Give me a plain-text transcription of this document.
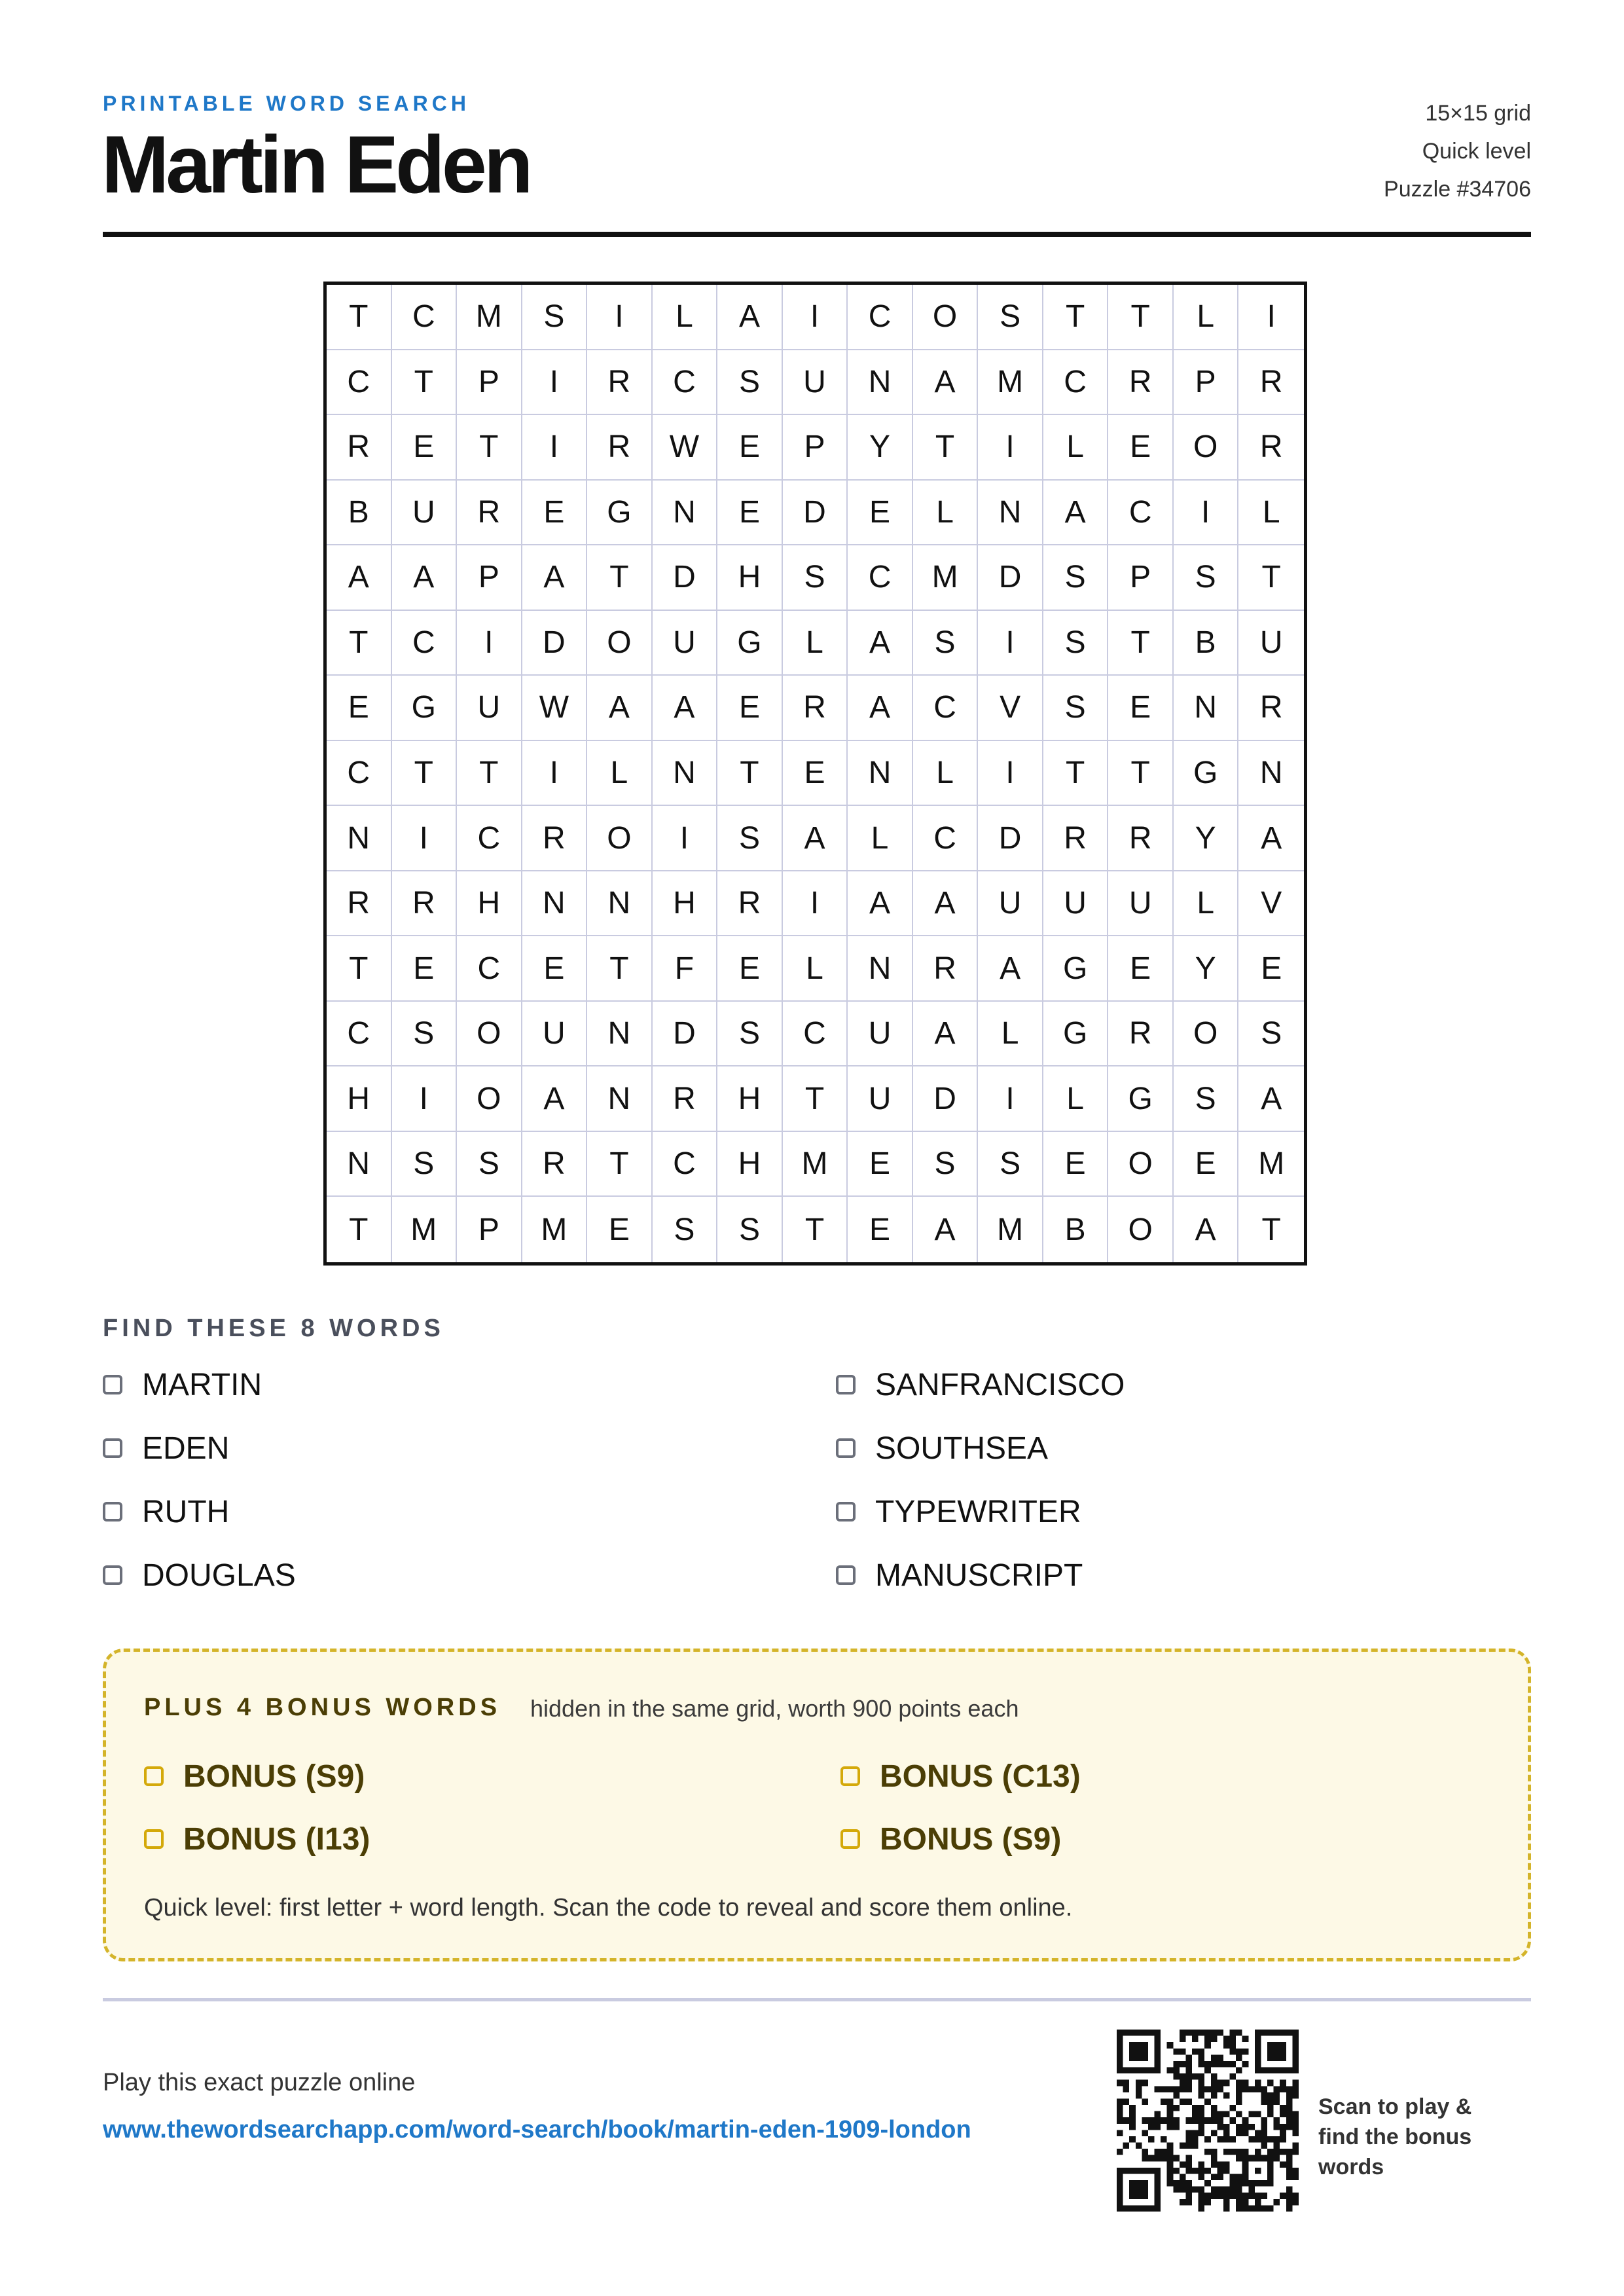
PRINTABLE WORD SEARCH
Martin Eden
15×15 grid
Quick level
Puzzle #34706
T	C	M	S	I	L	A	I	C	O	S	T	T	L	I
C	T	P	I	R	C	S	U	N	A	M	C	R	P	R
R	E	T	I	R	W	E	P	Y	T	I	L	E	O	R
B	U	R	E	G	N	E	D	E	L	N	A	C	I	L
A	A	P	A	T	D	H	S	C	M	D	S	P	S	T
T	C	I	D	O	U	G	L	A	S	I	S	T	B	U
E	G	U	W	A	A	E	R	A	C	V	S	E	N	R
C	T	T	I	L	N	T	E	N	L	I	T	T	G	N
N	I	C	R	O	I	S	A	L	C	D	R	R	Y	A
R	R	H	N	N	H	R	I	A	A	U	U	U	L	V
T	E	C	E	T	F	E	L	N	R	A	G	E	Y	E
C	S	O	U	N	D	S	C	U	A	L	G	R	O	S
H	I	O	A	N	R	H	T	U	D	I	L	G	S	A
N	S	S	R	T	C	H	M	E	S	S	E	O	E	M
T	M	P	M	E	S	S	T	E	A	M	B	O	A	T
FIND THESE 8 WORDS
MARTIN	SANFRANCISCO
EDEN	SOUTHSEA
RUTH	TYPEWRITER
DOUGLAS	MANUSCRIPT
PLUS 4 BONUS WORDS hidden in the same grid, worth 900 points each
BONUS (S9)	BONUS (C13)
BONUS (I13)	BONUS (S9)
Quick level: first letter + word length. Scan the code to reveal and score them online.
Play this exact puzzle online
www.thewordsearchapp.com/word-search/book/martin-eden-1909-london
Scan to play & find the bonus words
